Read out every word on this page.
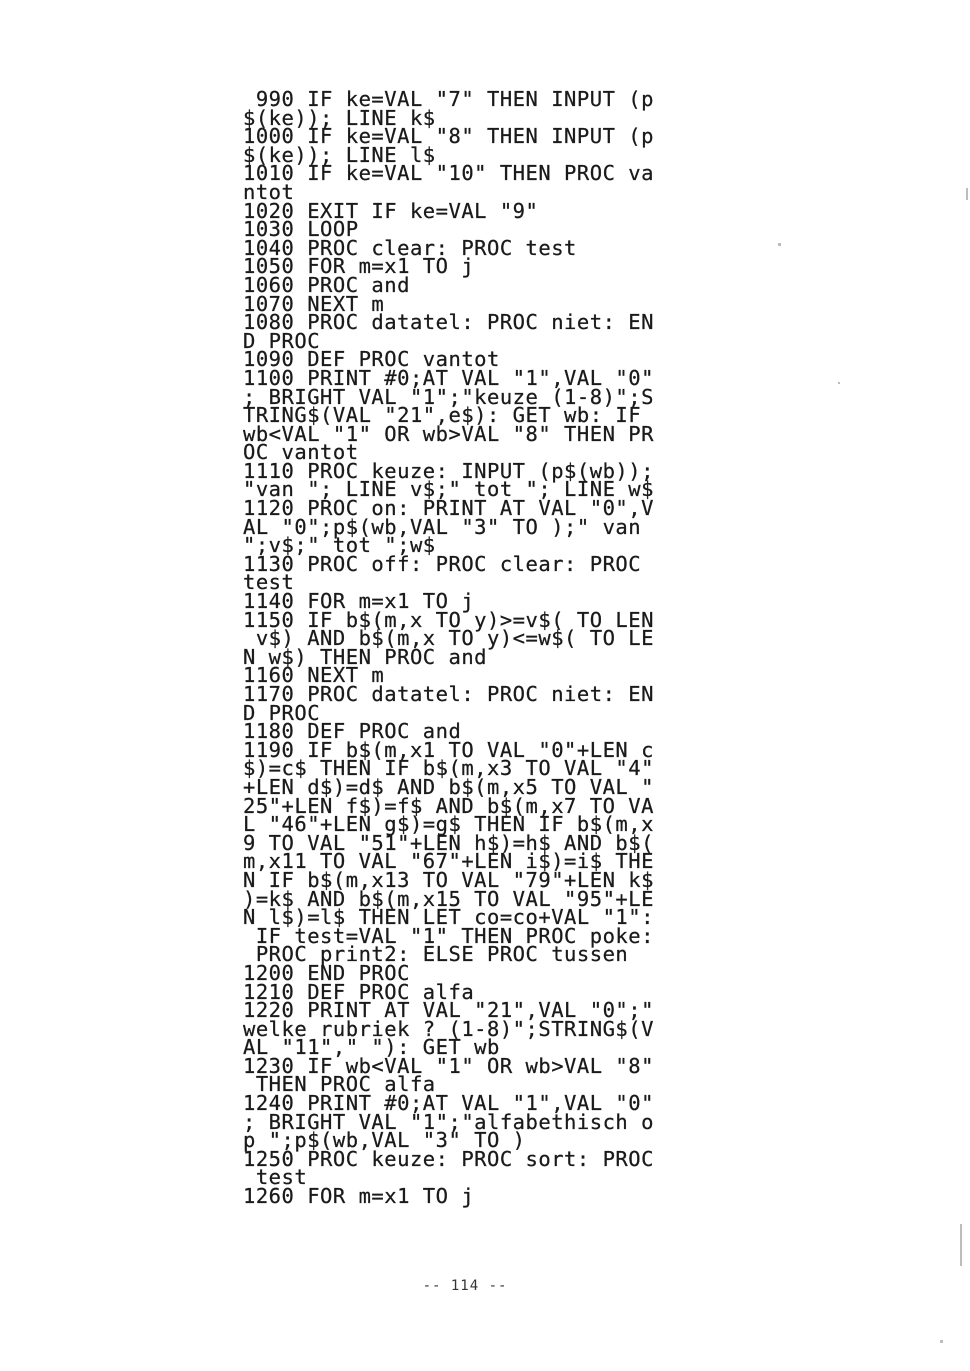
990 IF ke=VAL "7" THEN INPUT (p
$(ke)); LINE k$
1000 IF ke=VAL "8" THEN INPUT (p
$(ke)); LINE l$
1010 IF ke=VAL "10" THEN PROC va
ntot
1020 EXIT IF ke=VAL "9"
1030 LOOP
1040 PROC clear: PROC test
1050 FOR m=x1 TO j
1060 PROC and
1070 NEXT m
1080 PROC datatel: PROC niet: EN
D PROC
1090 DEF PROC vantot
1100 PRINT #0;AT VAL "1",VAL "0"
; BRIGHT VAL "1";"keuze (1-8)";S
TRING$(VAL "21",e$): GET wb: IF
wb<VAL "1" OR wb>VAL "8" THEN PR
OC vantot
1110 PROC keuze: INPUT (p$(wb));
"van "; LINE v$;" tot "; LINE w$
1120 PROC on: PRINT AT VAL "0",V
AL "0";p$(wb,VAL "3" TO );" van
";v$;" tot ";w$
1130 PROC off: PROC clear: PROC
test
1140 FOR m=x1 TO j
1150 IF b$(m,x TO y)>=v$( TO LEN
v$) AND b$(m,x TO y)<=w$( TO LE
N w$) THEN PROC and
1160 NEXT m
1170 PROC datatel: PROC niet: EN
D PROC
1180 DEF PROC and
1190 IF b$(m,x1 TO VAL "0"+LEN c
$)=c$ THEN IF b$(m,x3 TO VAL "4"
+LEN d$)=d$ AND b$(m,x5 TO VAL "
25"+LEN f$)=f$ AND b$(m,x7 TO VA
L "46"+LEN g$)=g$ THEN IF b$(m,x
9 TO VAL "51"+LEN h$)=h$ AND b$(
m,x11 TO VAL "67"+LEN i$)=i$ THE
N IF b$(m,x13 TO VAL "79"+LEN k$
)=k$ AND b$(m,x15 TO VAL "95"+LE
N l$)=l$ THEN LET co=co+VAL "1":
IF test=VAL "1" THEN PROC poke:
PROC print2: ELSE PROC tussen
1200 END PROC
1210 DEF PROC alfa
1220 PRINT AT VAL "21",VAL "0";"
welke rubriek ? (1-8)";STRING$(V
AL "11"," "): GET wb
1230 IF wb<VAL "1" OR wb>VAL "8"
THEN PROC alfa
1240 PRINT #0;AT VAL "1",VAL "0"
; BRIGHT VAL "1";"alfabethisch o
p ";p$(wb,VAL "3" TO )
1250 PROC keuze: PROC sort: PROC
test
1260 FOR m=x1 TO j
-- 114 --
